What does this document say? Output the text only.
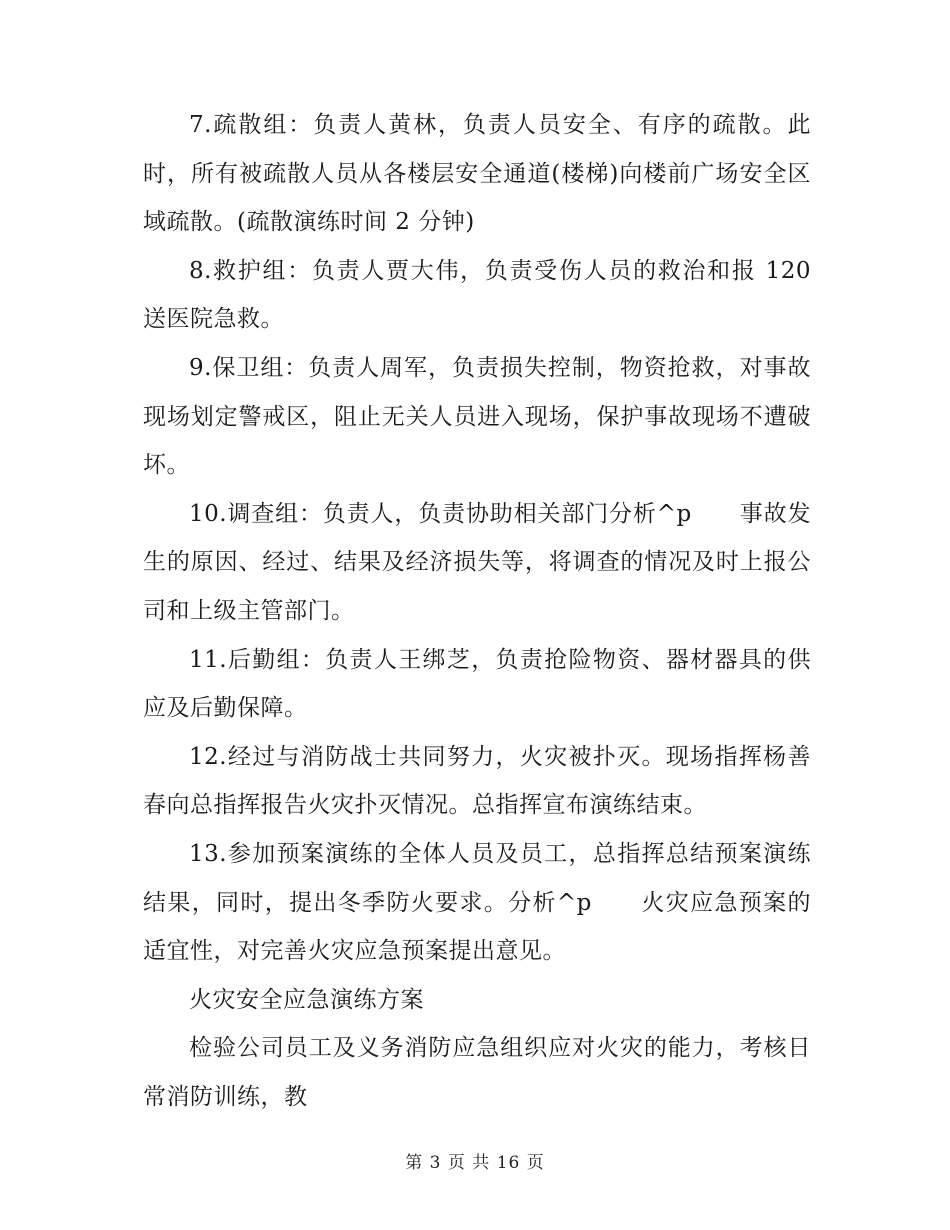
7.疏散组：负责人黄林，负责人员安全、有序的疏散。此时，所有被疏散人员从各楼层安全通道(楼梯)向楼前广场安全区域疏散。(疏散演练时间 2 分钟)

8.救护组：负责人贾大伟，负责受伤人员的救治和报 120 送医院急救。

9.保卫组：负责人周军，负责损失控制，物资抢救，对事故现场划定警戒区，阻止无关人员进入现场，保护事故现场不遭破坏。

10.调查组：负责人，负责协助相关部门分析^p　　事故发生的原因、经过、结果及经济损失等，将调查的情况及时上报公司和上级主管部门。

11.后勤组：负责人王绑芝，负责抢险物资、器材器具的供应及后勤保障。

12.经过与消防战士共同努力，火灾被扑灭。现场指挥杨善春向总指挥报告火灾扑灭情况。总指挥宣布演练结束。

13.参加预案演练的全体人员及员工，总指挥总结预案演练结果，同时，提出冬季防火要求。分析^p　　火灾应急预案的适宜性，对完善火灾应急预案提出意见。

火灾安全应急演练方案

检验公司员工及义务消防应急组织应对火灾的能力，考核日常消防训练，教

第 3 页 共 16 页
